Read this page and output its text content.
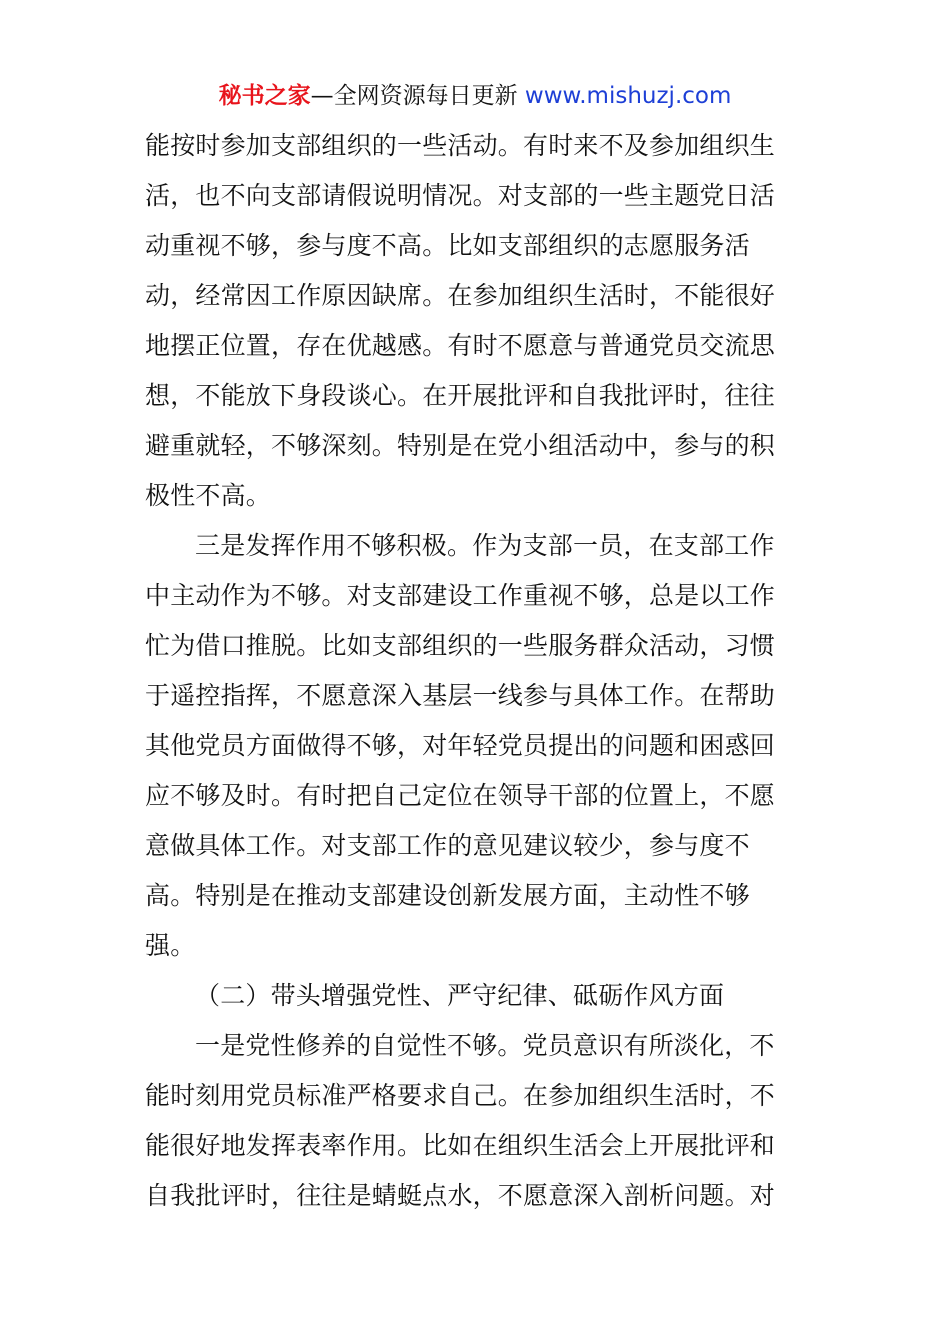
秘书之家—全网资源每日更新 www.mishuzj.com
能按时参加支部组织的一些活动。有时来不及参加组织生
活，也不向支部请假说明情况。对支部的一些主题党日活
动重视不够，参与度不高。比如支部组织的志愿服务活
动，经常因工作原因缺席。在参加组织生活时，不能很好
地摆正位置，存在优越感。有时不愿意与普通党员交流思
想，不能放下身段谈心。在开展批评和自我批评时，往往
避重就轻，不够深刻。特别是在党小组活动中，参与的积
极性不高。
三是发挥作用不够积极。作为支部一员，在支部工作
中主动作为不够。对支部建设工作重视不够，总是以工作
忙为借口推脱。比如支部组织的一些服务群众活动，习惯
于遥控指挥，不愿意深入基层一线参与具体工作。在帮助
其他党员方面做得不够，对年轻党员提出的问题和困惑回
应不够及时。有时把自己定位在领导干部的位置上，不愿
意做具体工作。对支部工作的意见建议较少，参与度不
高。特别是在推动支部建设创新发展方面，主动性不够
强。
（二）带头增强党性、严守纪律、砥砺作风方面
一是党性修养的自觉性不够。党员意识有所淡化，不
能时刻用党员标准严格要求自己。在参加组织生活时，不
能很好地发挥表率作用。比如在组织生活会上开展批评和
自我批评时，往往是蜻蜓点水，不愿意深入剖析问题。对
